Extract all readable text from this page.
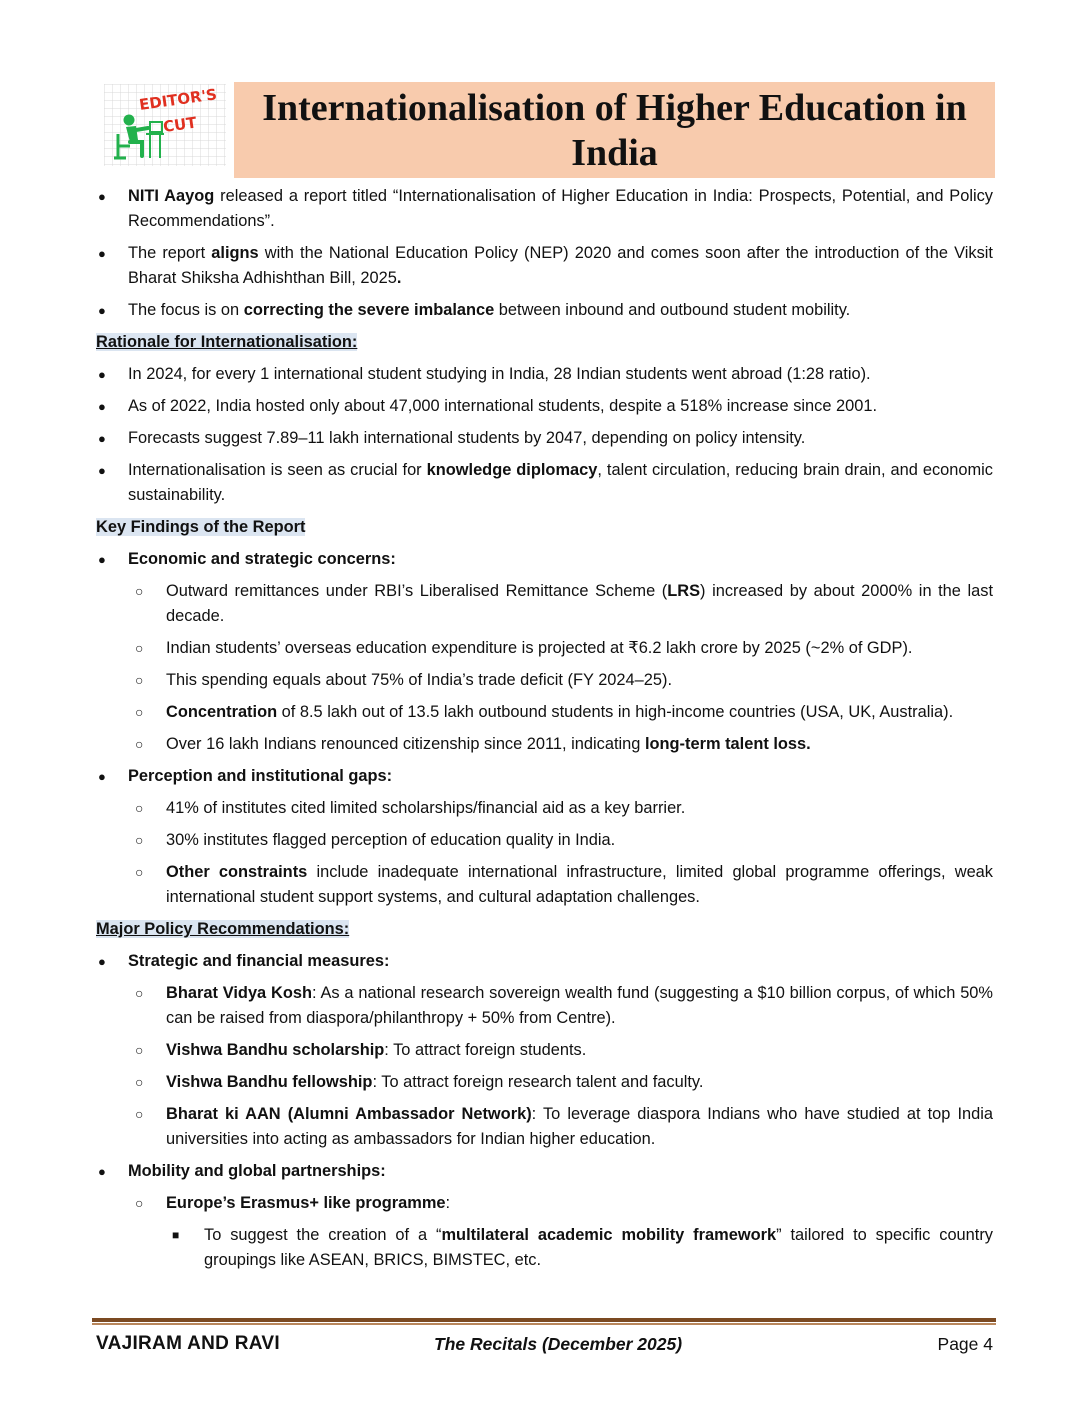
EDITOR'S
CUT	Internationalisation of Higher Education in India
● NITI Aayog released a report titled “Internationalisation of Higher Education in India: Prospects, Potential, and Policy Recommendations”.
● The report aligns with the National Education Policy (NEP) 2020 and comes soon after the introduction of the Viksit Bharat Shiksha Adhishthan Bill, 2025.
● The focus is on correcting the severe imbalance between inbound and outbound student mobility.
Rationale for Internationalisation:
● In 2024, for every 1 international student studying in India, 28 Indian students went abroad (1:28 ratio).
● As of 2022, India hosted only about 47,000 international students, despite a 518% increase since 2001.
● Forecasts suggest 7.89–11 lakh international students by 2047, depending on policy intensity.
● Internationalisation is seen as crucial for knowledge diplomacy, talent circulation, reducing brain drain, and economic sustainability.
Key Findings of the Report
● Economic and strategic concerns:
○ Outward remittances under RBI’s Liberalised Remittance Scheme (LRS) increased by about 2000% in the last decade.
○ Indian students’ overseas education expenditure is projected at ₹6.2 lakh crore by 2025 (~2% of GDP).
○ This spending equals about 75% of India’s trade deficit (FY 2024–25).
○ Concentration of 8.5 lakh out of 13.5 lakh outbound students in high-income countries (USA, UK, Australia).
○ Over 16 lakh Indians renounced citizenship since 2011, indicating long-term talent loss.
● Perception and institutional gaps:
○ 41% of institutes cited limited scholarships/financial aid as a key barrier.
○ 30% institutes flagged perception of education quality in India.
○ Other constraints include inadequate international infrastructure, limited global programme offerings, weak international student support systems, and cultural adaptation challenges.
Major Policy Recommendations:
● Strategic and financial measures:
○ Bharat Vidya Kosh: As a national research sovereign wealth fund (suggesting a $10 billion corpus, of which 50% can be raised from diaspora/philanthropy + 50% from Centre).
○ Vishwa Bandhu scholarship: To attract foreign students.
○ Vishwa Bandhu fellowship: To attract foreign research talent and faculty.
○ Bharat ki AAN (Alumni Ambassador Network): To leverage diaspora Indians who have studied at top India universities into acting as ambassadors for Indian higher education.
● Mobility and global partnerships:
○ Europe’s Erasmus+ like programme:
■ To suggest the creation of a “multilateral academic mobility framework” tailored to specific country groupings like ASEAN, BRICS, BIMSTEC, etc.
VAJIRAM AND RAVI	The Recitals (December 2025)	Page 4
